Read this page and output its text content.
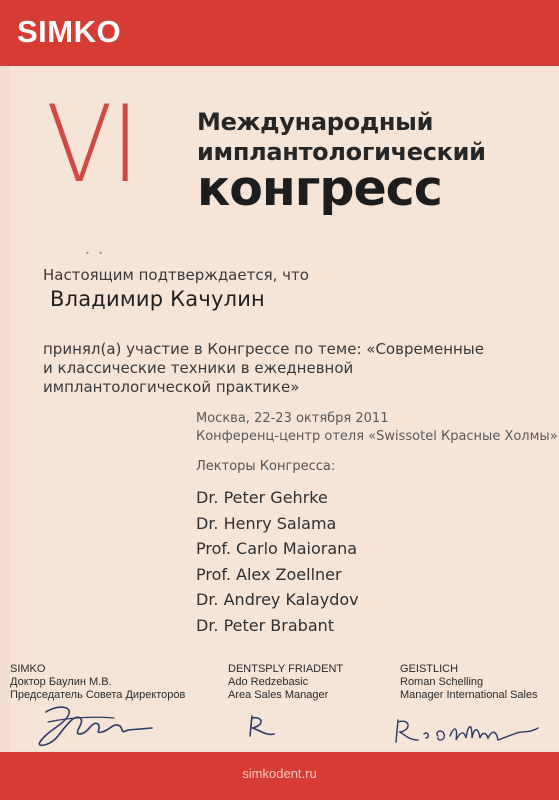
SIMKO
VI Международный
имплантологический
конгресс
• •
Настоящим подтверждается, что
Владимир Качулин
принял(а) участие в Конгрессе по теме: «Современные
и классические техники в ежедневной
имплантологической практике»
Москва, 22-23 октября 2011
Конференц-центр отеля «Swissotel Красные Холмы»
Лекторы Конгресса:
Dr. Peter Gehrke
Dr. Henry Salama
Prof. Carlo Maiorana
Prof. Alex Zoellner
Dr. Andrey Kalaydov
Dr. Peter Brabant
SIMKO
Доктор Баулин М.В.
Председатель Совета Директоров
DENTSPLY FRIADENT
Ado Redzebasic
Area Sales Manager
GEISTLICH
Roman Schelling
Manager International Sales
simkodent.ru
